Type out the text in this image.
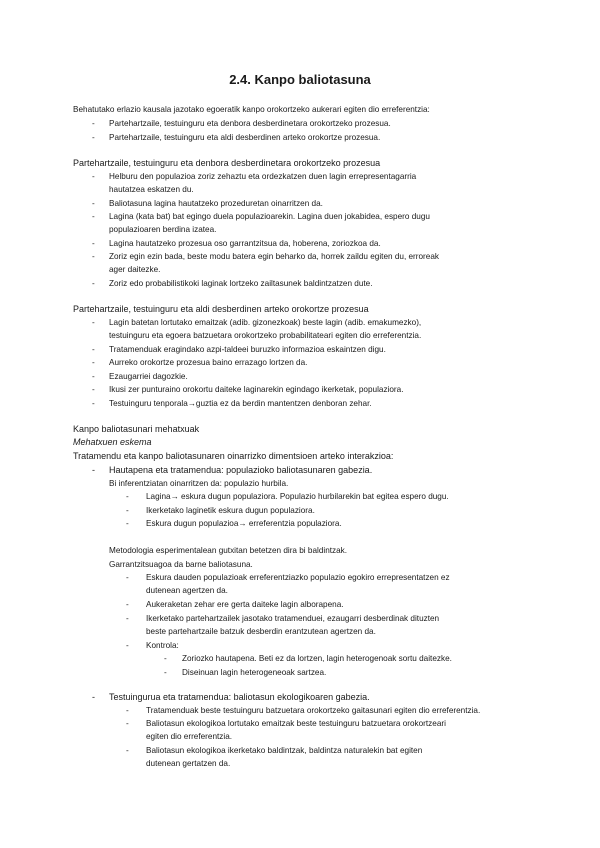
2.4. Kanpo baliotasuna
Behatutako erlazio kausala jazotako egoeratik kanpo orokortzeko aukerari egiten dio erreferentzia:
- Partehartzaile, testuinguru eta denbora desberdinetara orokortzeko prozesua.
- Partehartzaile, testuinguru eta aldi desberdinen arteko orokortze prozesua.
Partehartzaile, testuinguru eta denbora desberdinetara orokortzeko prozesua
- Helburu den populazioa zoriz zehaztu eta ordezkatzen duen lagin errepresentagarria
hautatzea eskatzen du.
- Baliotasuna lagina hautatzeko prozeduretan oinarritzen da.
- Lagina (kata bat) bat egingo duela populazioarekin. Lagina duen jokabidea, espero dugu
populazioaren berdina izatea.
- Lagina hautatzeko prozesua oso garrantzitsua da, hoberena, zoriozkoa da.
- Zoriz egin ezin bada, beste modu batera egin beharko da, horrek zaildu egiten du, erroreak
ager daitezke.
- Zoriz edo probabilistikoki laginak lortzeko zailtasunek baldintzatzen dute.
Partehartzaile, testuinguru eta aldi desberdinen arteko orokortze prozesua
- Lagin batetan lortutako emaitzak (adib. gizonezkoak) beste lagin (adib. emakumezko),
testuinguru eta egoera batzuetara orokortzeko probabilitateari egiten dio erreferentzia.
- Tratamenduak eragindako azpi-taldeei buruzko informazioa eskaintzen digu.
- Aurreko orokortze prozesua baino errazago lortzen da.
- Ezaugarriei dagozkie.
- Ikusi zer punturaino orokortu daiteke laginarekin egindago ikerketak, populaziora.
- Testuinguru tenporala→guztia ez da berdin mantentzen denboran zehar.
Kanpo baliotasunari mehatxuak
Mehatxuen eskema
Tratamendu eta kanpo baliotasunaren oinarrizko dimentsioen arteko interakzioa:
- Hautapena eta tratamendua: populazioko baliotasunaren gabezia.
Bi inferentziatan oinarritzen da: populazio hurbila.
- Lagina→ eskura dugun populaziora. Populazio hurbilarekin bat egitea espero dugu.
- Ikerketako laginetik eskura dugun populaziora.
- Eskura dugun populazioa→ erreferentzia populaziora.
Metodologia esperimentalean gutxitan betetzen dira bi baldintzak.
Garrantzitsuagoa da barne baliotasuna.
- Eskura dauden populazioak erreferentziazko populazio egokiro errepresentatzen ez
dutenean agertzen da.
- Aukeraketan zehar ere gerta daiteke lagin alborapena.
- Ikerketako partehartzailek jasotako tratamenduei, ezaugarri desberdinak dituzten
beste partehartzaile batzuk desberdin erantzutean agertzen da.
- Kontrola:
- Zoriozko hautapena. Beti ez da lortzen, lagin heterogenoak sortu daitezke.
- Diseinuan lagin heterogeneoak sartzea.
- Testuingurua eta tratamendua: baliotasun ekologikoaren gabezia.
- Tratamenduak beste testuinguru batzuetara orokortzeko gaitasunari egiten dio erreferentzia.
- Baliotasun ekologikoa lortutako emaitzak beste testuinguru batzuetara orokortzeari
egiten dio erreferentzia.
- Baliotasun ekologikoa ikerketako baldintzak, baldintza naturalekin bat egiten
dutenean gertatzen da.
